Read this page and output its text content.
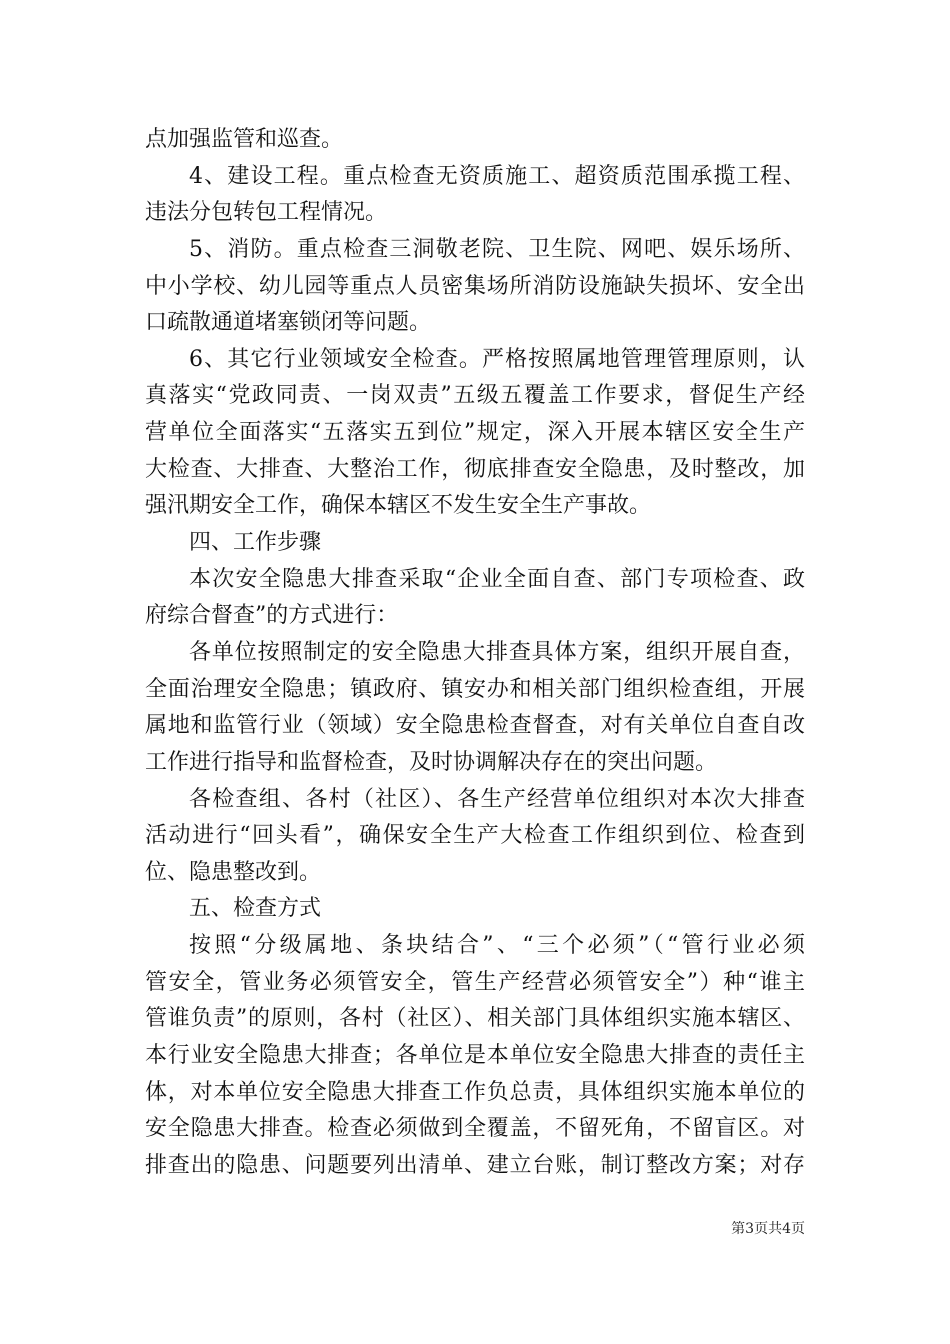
点加强监管和巡查。
4、建设工程。重点检查无资质施工、超资质范围承揽工程、
违法分包转包工程情况。
5、消防。重点检查三洞敬老院、卫生院、网吧、娱乐场所、
中小学校、幼儿园等重点人员密集场所消防设施缺失损坏、安全出
口疏散通道堵塞锁闭等问题。
6、其它行业领域安全检查。严格按照属地管理管理原则，认
真落实“党政同责、一岗双责”五级五覆盖工作要求，督促生产经
营单位全面落实“五落实五到位”规定，深入开展本辖区安全生产
大检查、大排查、大整治工作，彻底排查安全隐患，及时整改，加
强汛期安全工作，确保本辖区不发生安全生产事故。
四、工作步骤
本次安全隐患大排查采取“企业全面自查、部门专项检查、政
府综合督查”的方式进行：
各单位按照制定的安全隐患大排查具体方案，组织开展自查，
全面治理安全隐患；镇政府、镇安办和相关部门组织检查组，开展
属地和监管行业（领域）安全隐患检查督查，对有关单位自查自改
工作进行指导和监督检查，及时协调解决存在的突出问题。
各检查组、各村（社区）、各生产经营单位组织对本次大排查
活动进行“回头看”，确保安全生产大检查工作组织到位、检查到
位、隐患整改到。
五、检查方式
按照“分级属地、条块结合”、“三个必须”（“管行业必须
管安全，管业务必须管安全，管生产经营必须管安全”）种“谁主
管谁负责”的原则，各村（社区）、相关部门具体组织实施本辖区、
本行业安全隐患大排查；各单位是本单位安全隐患大排查的责任主
体，对本单位安全隐患大排查工作负总责，具体组织实施本单位的
安全隐患大排查。检查必须做到全覆盖，不留死角，不留盲区。对
排查出的隐患、问题要列出清单、建立台账，制订整改方案；对存
第3页共4页
